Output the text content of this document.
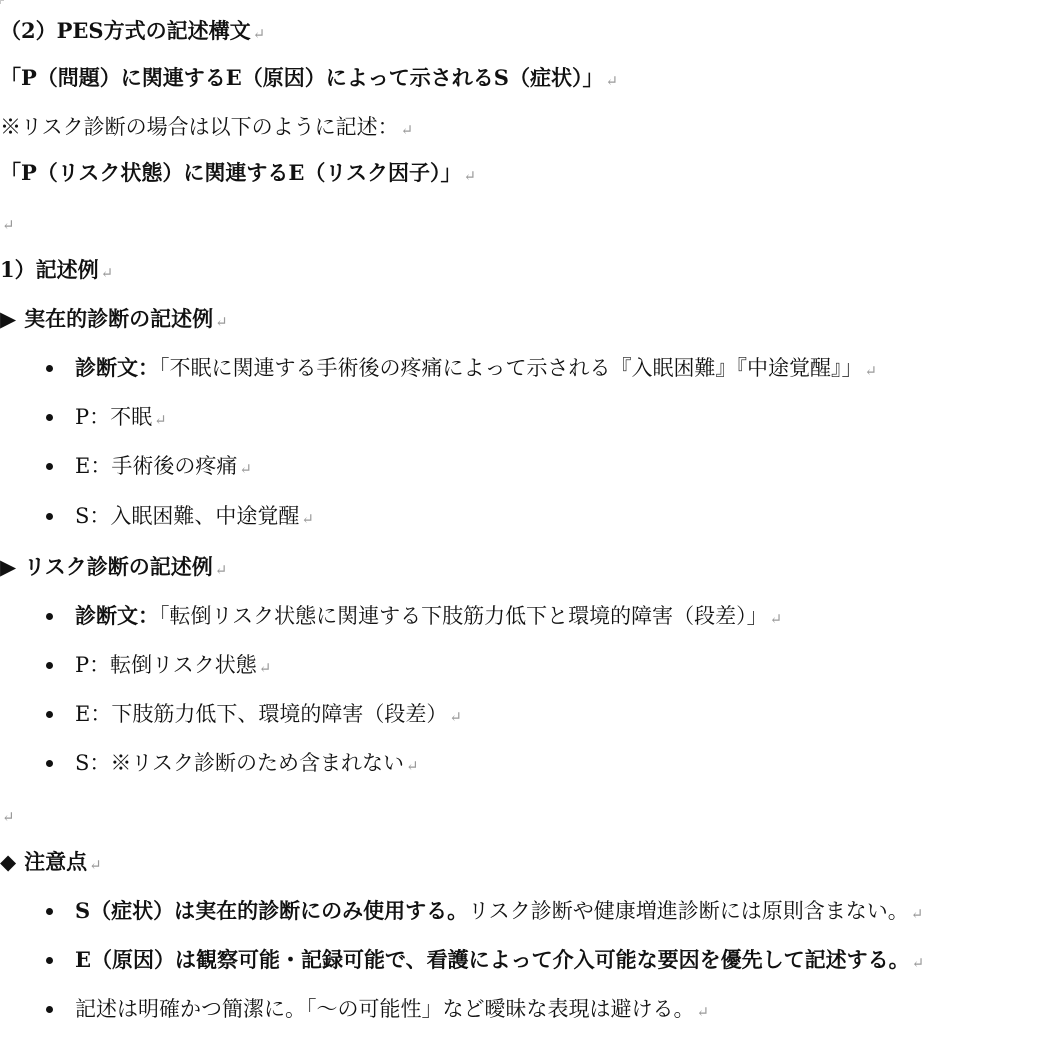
（2）PES方式の記述構文 ↵
「P（問題）に関連するE（原因）によって示されるS（症状）」 ↵
※リスク診断の場合は以下のように記述： ↵
「P（リスク状態）に関連するE（リスク因子）」 ↵
↵
1）記述例 ↵
▶ 実在的診断の記述例 ↵
診断文：「不眠に関連する手術後の疼痛によって示される『入眠困難』『中途覚醒』」 ↵
P：不眠 ↵
E：手術後の疼痛 ↵
S：入眠困難、中途覚醒 ↵
▶ リスク診断の記述例 ↵
診断文：「転倒リスク状態に関連する下肢筋力低下と環境的障害（段差）」 ↵
P：転倒リスク状態 ↵
E：下肢筋力低下、環境的障害（段差） ↵
S：※リスク診断のため含まれない ↵
↵
◆ 注意点 ↵
S（症状）は実在的診断にのみ使用する。リスク診断や健康増進診断には原則含まない。 ↵
E（原因）は観察可能・記録可能で、看護によって介入可能な要因を優先して記述する。 ↵
記述は明確かつ簡潔に。「〜の可能性」など曖昧な表現は避ける。 ↵
